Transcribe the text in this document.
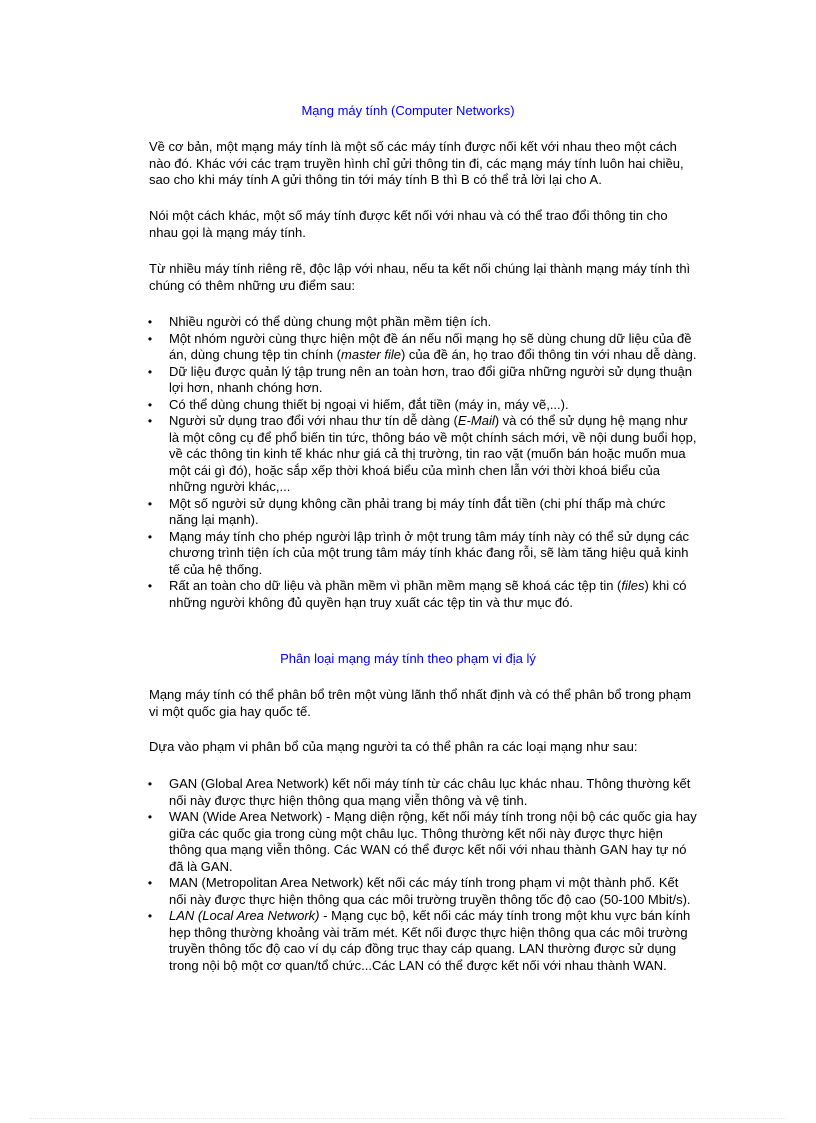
Mạng máy tính (Computer Networks)
Về cơ bản, một mạng máy tính là một số các máy tính được nối kết với nhau theo một cách nào đó. Khác với các trạm truyền hình chỉ gửi thông tin đi, các mạng máy tính luôn hai chiều, sao cho khi máy tính A gửi thông tin tới máy tính B thì B có thể trả lời lại cho A.
Nói một cách khác, một số máy tính được kết nối với nhau và có thể trao đổi thông tin cho nhau gọi là mạng máy tính.
Từ nhiều máy tính riêng rẽ, độc lập với nhau, nếu ta kết nối chúng lại thành mạng máy tính thì chúng có thêm những ưu điểm sau:
•	Nhiều người có thể dùng chung một phần mềm tiện ích.
•	Một nhóm người cùng thực hiện một đề án nếu nối mạng họ sẽ dùng chung dữ liệu của đề án, dùng chung tệp tin chính (master file) của đề án, họ trao đổi thông tin với nhau dễ dàng.
•	Dữ liệu được quản lý tập trung nên an toàn hơn, trao đổi giữa những người sử dụng thuận lợi hơn, nhanh chóng hơn.
•	Có thể dùng chung thiết bị ngoại vi hiếm, đắt tiền (máy in, máy vẽ,...).
•	Người sử dụng trao đổi với nhau thư tín dễ dàng (E-Mail) và có thể sử dụng hệ mạng như là một công cụ để phổ biến tin tức, thông báo về một chính sách mới, về nội dung buổi họp, về các thông tin kinh tế khác như giá cả thị trường, tin rao vặt (muốn bán hoặc muốn mua một cái gì đó), hoặc sắp xếp thời khoá biểu của mình chen lẫn với thời khoá biểu của những người khác,...
•	Một số người sử dụng không cần phải trang bị máy tính đắt tiền (chi phí thấp mà chức năng lại mạnh).
•	Mạng máy tính cho phép người lập trình ở một trung tâm máy tính này có thể sử dụng các chương trình tiện ích của một trung tâm máy tính khác đang rỗi, sẽ làm tăng hiệu quả kinh tế của hệ thống.
•	Rất an toàn cho dữ liệu và phần mềm vì phần mềm mạng sẽ khoá các tệp tin (files) khi có những người không đủ quyền hạn truy xuất các tệp tin và thư mục đó.
Phân loại mạng máy tính theo phạm vi địa lý
Mạng máy tính có thể phân bổ trên một vùng lãnh thổ nhất định và có thể phân bổ trong phạm vi một quốc gia hay quốc tế.
Dựa vào phạm vi phân bổ của mạng người ta có thể phân ra các loại mạng như sau:
•	GAN (Global Area Network) kết nối máy tính từ các châu lục khác nhau. Thông thường kết nối này được thực hiện thông qua mạng viễn thông và vệ tinh.
•	WAN (Wide Area Network) - Mạng diện rộng, kết nối máy tính trong nội bộ các quốc gia hay giữa các quốc gia trong cùng một châu lục. Thông thường kết nối này được thực hiện thông qua mạng viễn thông. Các WAN có thể được kết nối với nhau thành GAN hay tự nó đã là GAN.
•	MAN (Metropolitan Area Network) kết nối các máy tính trong phạm vi một thành phố. Kết nối này được thực hiện thông qua các môi trường truyền thông tốc độ cao (50-100 Mbit/s).
•	LAN (Local Area Network) - Mạng cục bộ, kết nối các máy tính trong một khu vực bán kính hẹp thông thường khoảng vài trăm mét. Kết nối được thực hiện thông qua các môi trường truyền thông tốc độ cao ví dụ cáp đồng trục thay cáp quang. LAN thường được sử dụng trong nội bộ một cơ quan/tổ chức...Các LAN có thể được kết nối với nhau thành WAN.
